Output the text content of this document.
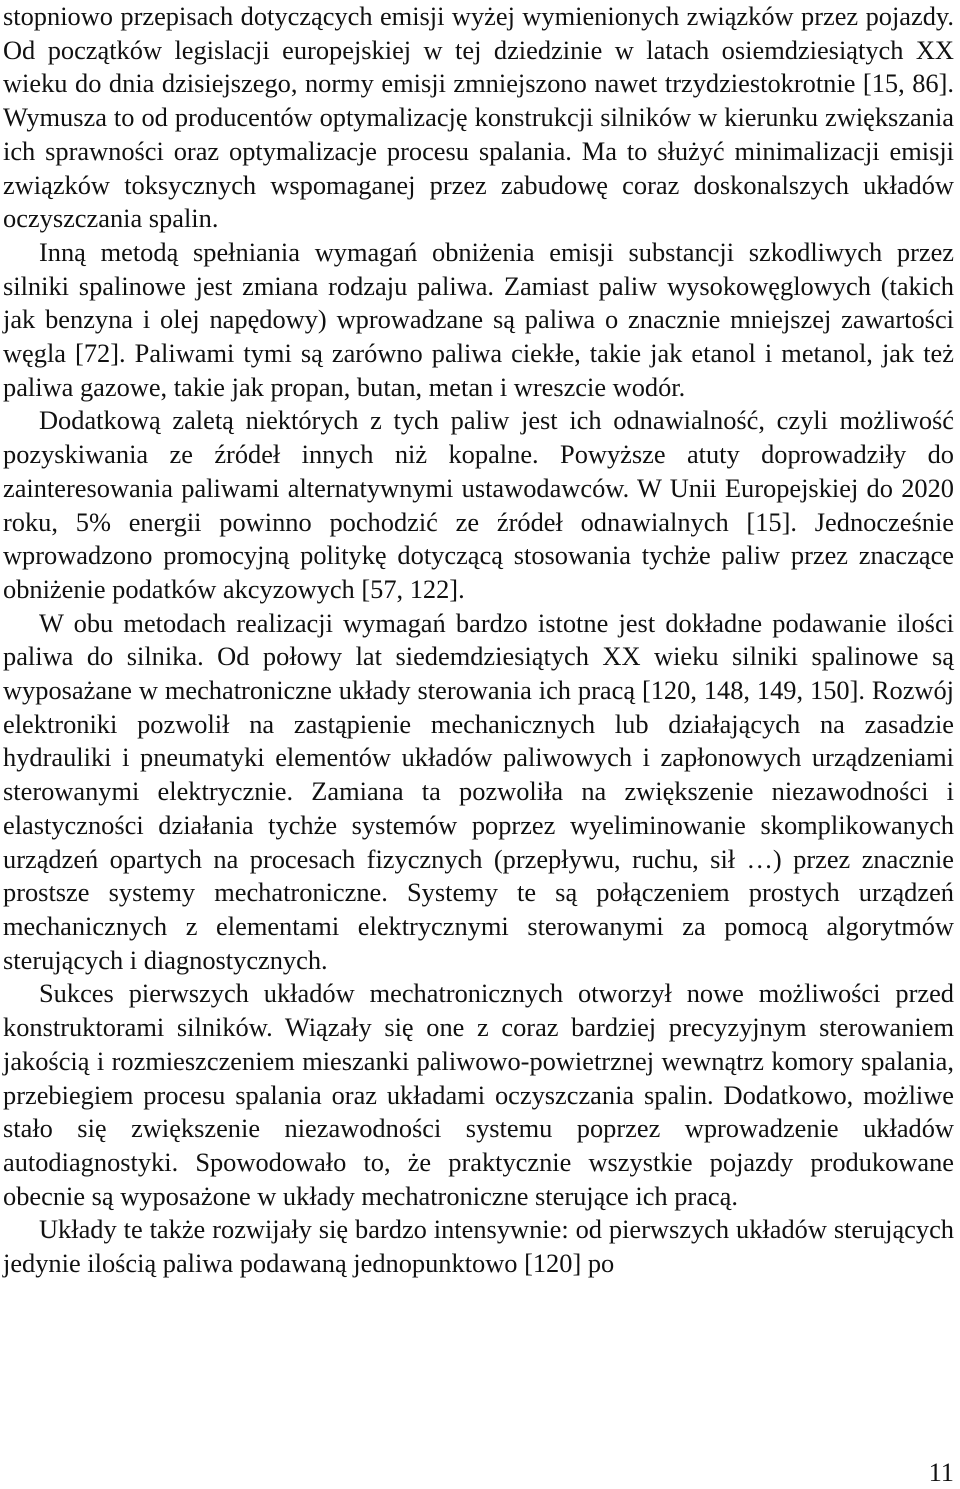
stopniowo przepisach dotyczących emisji wyżej wymienionych związków przez pojazdy. Od początków legislacji europejskiej w tej dziedzinie w latach osiemdziesiątych XX wieku do dnia dzisiejszego, normy emisji zmniejszono nawet trzydziestokrotnie [15, 86]. Wymusza to od producentów optymalizację konstrukcji silników w kierunku zwiększania ich sprawności oraz optymalizacje procesu spalania. Ma to służyć minimalizacji emisji związków toksycznych wspomaganej przez zabudowę coraz doskonalszych układów oczyszczania spalin.

Inną metodą spełniania wymagań obniżenia emisji substancji szkodliwych przez silniki spalinowe jest zmiana rodzaju paliwa. Zamiast paliw wysokowęglowych (takich jak benzyna i olej napędowy) wprowadzane są paliwa o znacznie mniejszej zawartości węgla [72]. Paliwami tymi są zarówno paliwa ciekłe, takie jak etanol i metanol, jak też paliwa gazowe, takie jak propan, butan, metan i wreszcie wodór.

Dodatkową zaletą niektórych z tych paliw jest ich odnawialność, czyli możliwość pozyskiwania ze źródeł innych niż kopalne. Powyższe atuty doprowadziły do zainteresowania paliwami alternatywnymi ustawodawców. W Unii Europejskiej do 2020 roku, 5% energii powinno pochodzić ze źródeł odnawialnych [15]. Jednocześnie wprowadzono promocyjną politykę dotyczącą stosowania tychże paliw przez znaczące obniżenie podatków akcyzowych [57, 122].

W obu metodach realizacji wymagań bardzo istotne jest dokładne podawanie ilości paliwa do silnika. Od połowy lat siedemdziesiątych XX wieku silniki spalinowe są wyposażane w mechatroniczne układy sterowania ich pracą [120, 148, 149, 150]. Rozwój elektroniki pozwolił na zastąpienie mechanicznych lub działających na zasadzie hydrauliki i pneumatyki elementów układów paliwowych i zapłonowych urządzeniami sterowanymi elektrycznie. Zamiana ta pozwoliła na zwiększenie niezawodności i elastyczności działania tychże systemów poprzez wyeliminowanie skomplikowanych urządzeń opartych na procesach fizycznych (przepływu, ruchu, sił …) przez znacznie prostsze systemy mechatroniczne. Systemy te są połączeniem prostych urządzeń mechanicznych z elementami elektrycznymi sterowanymi za pomocą algorytmów sterujących i diagnostycznych.

Sukces pierwszych układów mechatronicznych otworzył nowe możliwości przed konstruktorami silników. Wiązały się one z coraz bardziej precyzyjnym sterowaniem jakością i rozmieszczeniem mieszanki paliwowo-powietrznej wewnątrz komory spalania, przebiegiem procesu spalania oraz układami oczyszczania spalin. Dodatkowo, możliwe stało się zwiększenie niezawodności systemu poprzez wprowadzenie układów autodiagnostyki. Spowodowało to, że praktycznie wszystkie pojazdy produkowane obecnie są wyposażone w układy mechatroniczne sterujące ich pracą.

Układy te także rozwijały się bardzo intensywnie: od pierwszych układów sterujących jedynie ilością paliwa podawaną jednopunktowo [120] po

11
